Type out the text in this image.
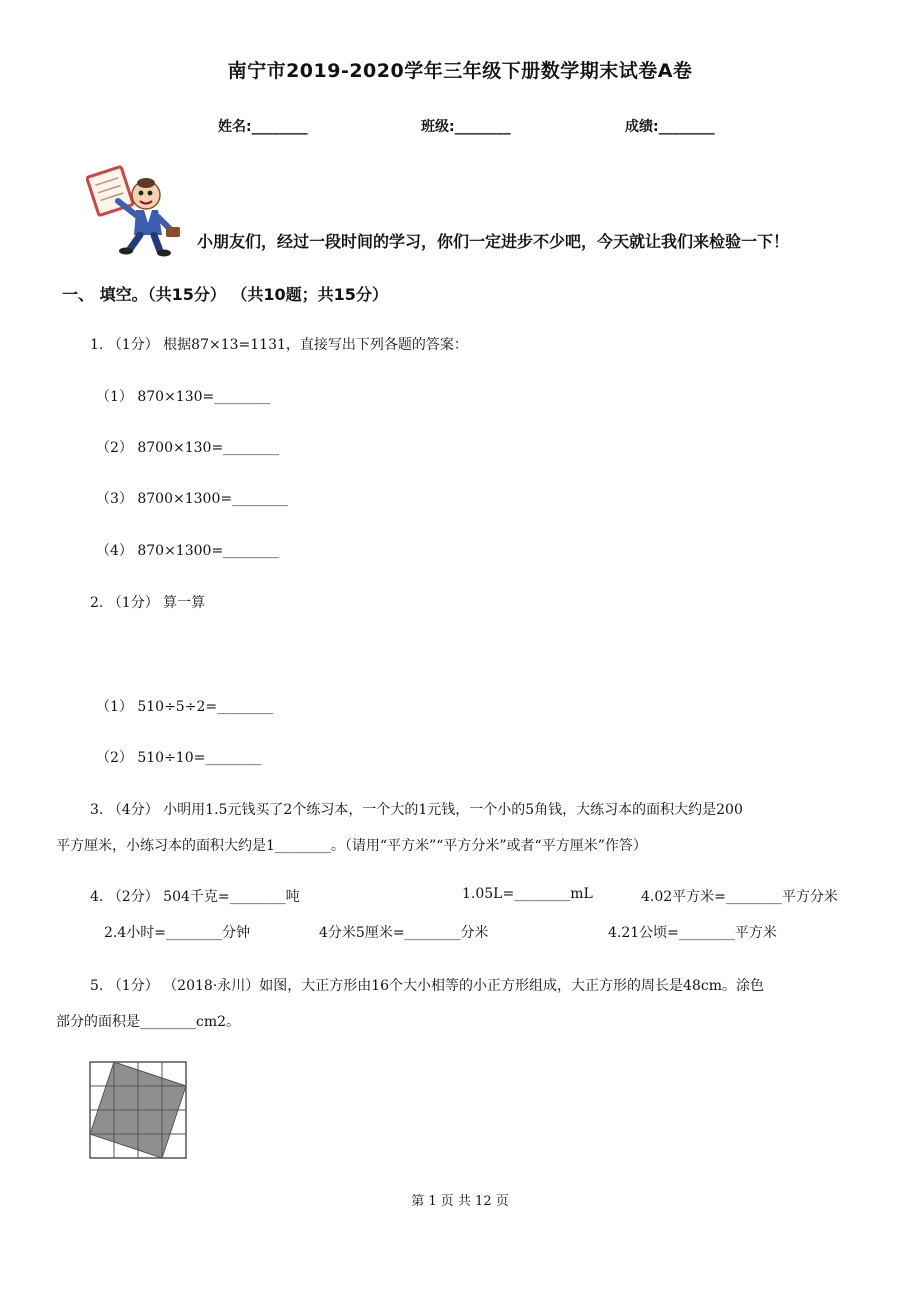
南宁市2019-2020学年三年级下册数学期末试卷A卷
姓名:________	班级:________	成绩:________
小朋友们，经过一段时间的学习，你们一定进步不少吧，今天就让我们来检验一下！
一、 填空。（共15分） （共10题；共15分）
1. （1分） 根据87×13=1131，直接写出下列各题的答案：
（1） 870×130=________
（2） 8700×130=________
（3） 8700×1300=________
（4） 870×1300=________
2. （1分） 算一算
（1） 510÷5÷2=________
（2） 510÷10=________
3. （4分） 小明用1.5元钱买了2个练习本，一个大的1元钱，一个小的5角钱，大练习本的面积大约是200
平方厘米，小练习本的面积大约是1________。（请用“平方米”“平方分米”或者“平方厘米”作答）
4. （2分） 504千克=________吨	1.05L=________mL	4.02平方米=________平方分米
2.4小时=________分钟	4分米5厘米=________分米	4.21公顷=________平方米
5. （1分） （2018·永川）如图，大正方形由16个大小相等的小正方形组成，大正方形的周长是48cm。涂色
部分的面积是________cm2。
第 1 页 共 12 页
